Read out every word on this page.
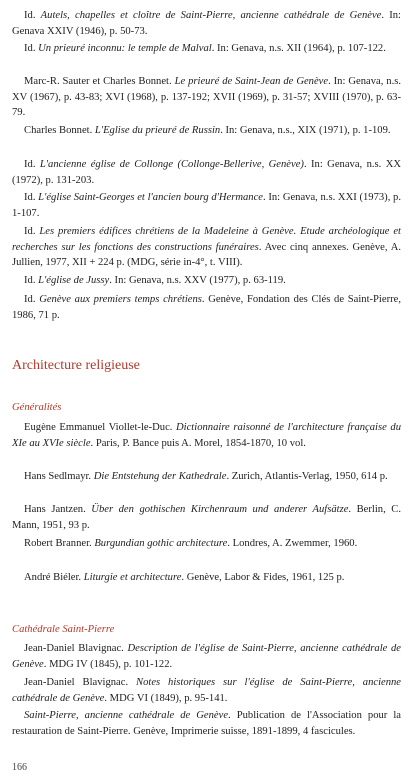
Id. Autels, chapelles et cloître de Saint-Pierre, ancienne cathédrale de Genève. In: Genava XXIV (1946), p. 50-73.

Id. Un prieuré inconnu: le temple de Malval. In: Genava, n.s. XII (1964), p. 107-122.

Marc-R. Sauter et Charles Bonnet. Le prieuré de Saint-Jean de Genève. In: Genava, n.s. XV (1967), p. 43-83; XVI (1968), p. 137-192; XVII (1969), p. 31-57; XVIII (1970), p. 63-79.

Charles Bonnet. L'Eglise du prieuré de Russin. In: Genava, n.s., XIX (1971), p. 1-109.

Id. L'ancienne église de Collonge (Collonge-Bellerive, Genève). In: Genava, n.s. XX (1972), p. 131-203.

Id. L'église Saint-Georges et l'ancien bourg d'Hermance. In: Genava, n.s. XXI (1973), p. 1-107.

Id. Les premiers édifices chrétiens de la Madeleine à Genève. Etude archéologique et recherches sur les fonctions des constructions funéraires. Avec cinq annexes. Genève, A. Jullien, 1977, XII + 224 p. (MDG, série in-4°, t. VIII).

Id. L'église de Jussy. In: Genava, n.s. XXV (1977), p. 63-119.

Id. Genève aux premiers temps chrétiens. Genève, Fondation des Clés de Saint-Pierre, 1986, 71 p.

Architecture religieuse
Généralités

Eugène Emmanuel Viollet-le-Duc. Dictionnaire raisonné de l'architecture française du XIe au XVIe siècle. Paris, P. Bance puis A. Morel, 1854-1870, 10 vol.

Hans Sedlmayr. Die Entstehung der Kathedrale. Zurich, Atlantis-Verlag, 1950, 614 p.

Hans Jantzen. Über den gothischen Kirchenraum und anderer Aufsätze. Berlin, C. Mann, 1951, 93 p.

Robert Branner. Burgundian gothic architecture. Londres, A. Zwemmer, 1960.

André Biéler. Liturgie et architecture. Genève, Labor & Fides, 1961, 125 p.

Cathédrale Saint-Pierre

Jean-Daniel Blavignac. Description de l'église de Saint-Pierre, ancienne cathédrale de Genève. MDG IV (1845), p. 101-122.

Jean-Daniel Blavignac. Notes historiques sur l'église de Saint-Pierre, ancienne cathédrale de Genève. MDG VI (1849), p. 95-141.

Saint-Pierre, ancienne cathédrale de Genève. Publication de l'Association pour la restauration de Saint-Pierre. Genève, Imprimerie suisse, 1891-1899, 4 fascicules.

166
